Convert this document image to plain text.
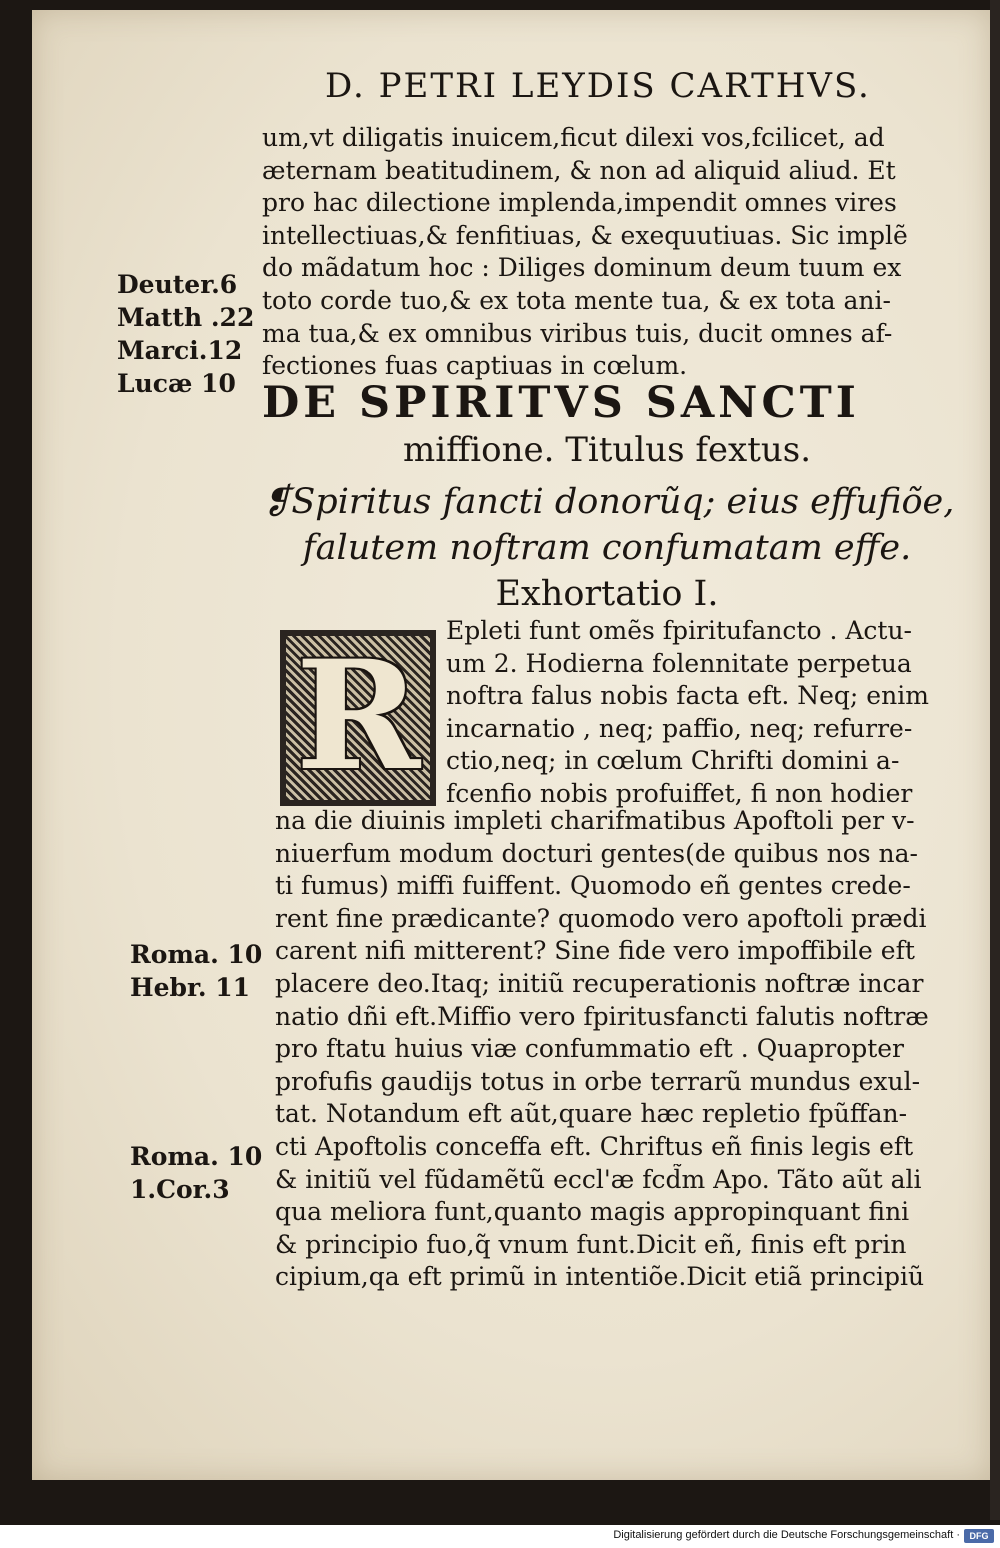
D. PETRI LEYDIS CARTHVS.
um,vt diligatis inuicem,ficut dilexi vos,fcilicet, ad
æternam beatitudinem, & non ad aliquid aliud. Et
pro hac dilectione implenda,impendit omnes vires
intellectiuas,& fenfitiuas, & exequutiuas. Sic implẽ
do mãdatum hoc : Diliges dominum deum tuum ex
toto corde tuo,& ex tota mente tua, & ex tota ani-
ma tua,& ex omnibus viribus tuis, ducit omnes af-
fectiones fuas captiuas in cœlum.
Deuter.6
Matth .22
Marci.12
Lucæ 10 DE SPIRITVS SANCTI
miffione. Titulus fextus.
❡Spiritus fancti donorũq; eius effufiõe,
falutem noftram confumatam effe.
Exhortatio I.
R	Epleti funt omẽs fpiritufancto . Actu-
um 2. Hodierna folennitate perpetua
noftra falus nobis facta eft. Neq; enim
incarnatio , neq; paffio, neq; refurre-
ctio,neq; in cœlum Chrifti domini a-
fcenfio nobis profuiffet, fi non hodier
na die diuinis impleti charifmatibus Apoftoli per v-
niuerfum modum docturi gentes(de quibus nos na-
ti fumus) miffi fuiffent. Quomodo eñ gentes crede-
rent fine prædicante? quomodo vero apoftoli prædi
carent nifi mitterent? Sine fide vero impoffibile eft
placere deo.Itaq; initiũ recuperationis noftræ incar
natio dñi eft.Miffio vero fpiritusfancti falutis noftræ
pro ftatu huius viæ confummatio eft . Quapropter
profufis gaudijs totus in orbe terrarũ mundus exul-
tat. Notandum eft aũt,quare hæc repletio fpũffan-
cti Apoftolis conceffa eft. Chriftus eñ finis legis eft
& initiũ vel fũdamẽtũ eccl'æ fcd̃m Apo. Tãto aũt ali
qua meliora funt,quanto magis appropinquant fini
& principio fuo,q̃ vnum funt.Dicit eñ, finis eft prin
cipium,qa eft primũ in intentiõe.Dicit etiã principiũ
Roma. 10
Hebr. 11
Roma. 10
1.Cor.3
Digitalisierung gefördert durch die Deutsche Forschungsgemeinschaft ·	DFG
